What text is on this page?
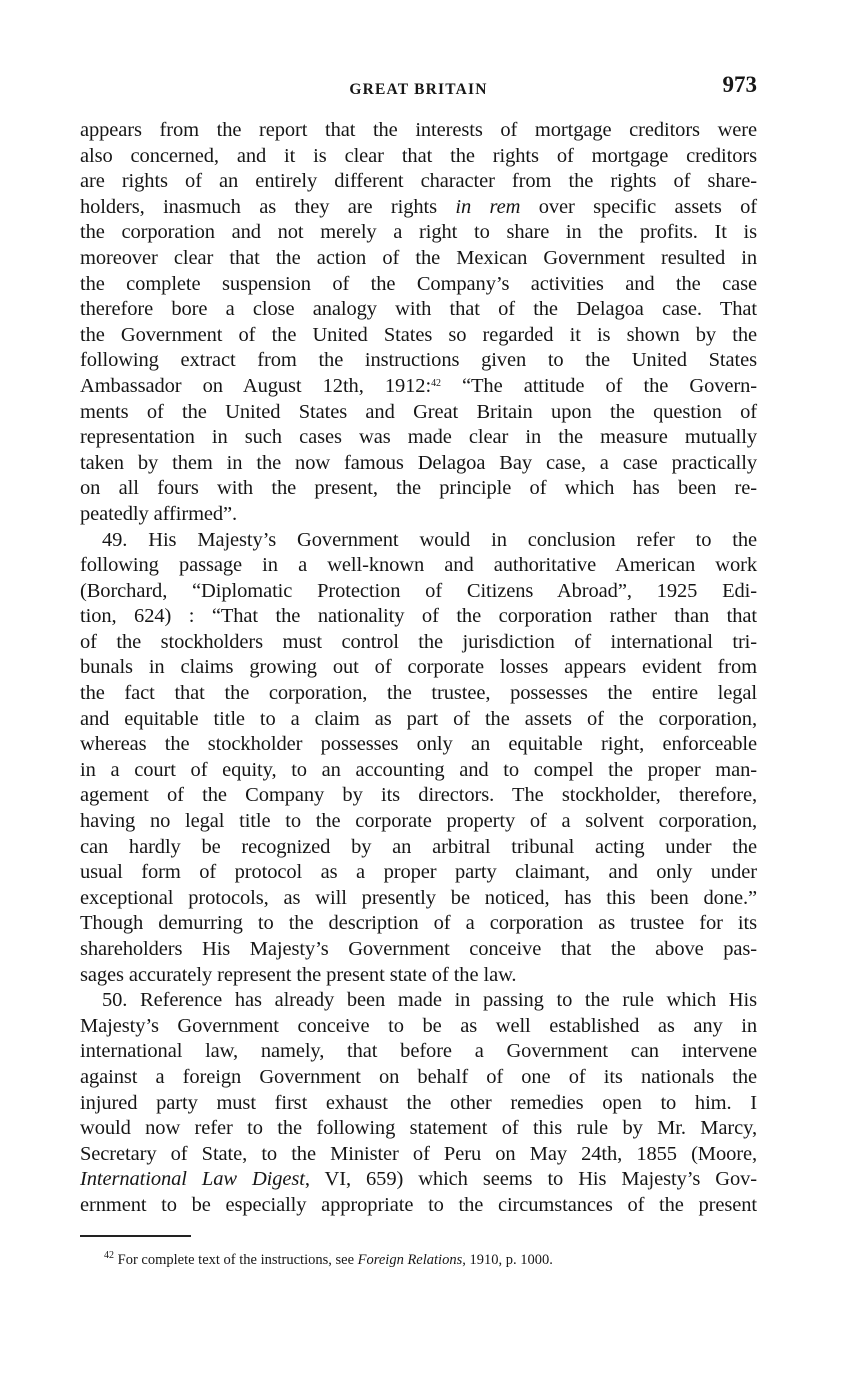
GREAT BRITAIN	973
appears from the report that the interests of mortgage creditors were
also concerned, and it is clear that the rights of mortgage creditors
are rights of an entirely different character from the rights of share-
holders, inasmuch as they are rights in rem over specific assets of
the corporation and not merely a right to share in the profits. It is
moreover clear that the action of the Mexican Government resulted in
the complete suspension of the Company’s activities and the case
therefore bore a close analogy with that of the Delagoa case. That
the Government of the United States so regarded it is shown by the
following extract from the instructions given to the United States
Ambassador on August 12th, 1912:$^{42}$ “The attitude of the Govern-
ments of the United States and Great Britain upon the question of
representation in such cases was made clear in the measure mutually
taken by them in the now famous Delagoa Bay case, a case practically
on all fours with the present, the principle of which has been re-
peatedly affirmed”.
49. His Majesty’s Government would in conclusion refer to the
following passage in a well-known and authoritative American work
(Borchard, “Diplomatic Protection of Citizens Abroad”, 1925 Edi-
tion, 624) : “That the nationality of the corporation rather than that
of the stockholders must control the jurisdiction of international tri-
bunals in claims growing out of corporate losses appears evident from
the fact that the corporation, the trustee, possesses the entire legal
and equitable title to a claim as part of the assets of the corporation,
whereas the stockholder possesses only an equitable right, enforceable
in a court of equity, to an accounting and to compel the proper man-
agement of the Company by its directors. The stockholder, therefore,
having no legal title to the corporate property of a solvent corporation,
can hardly be recognized by an arbitral tribunal acting under the
usual form of protocol as a proper party claimant, and only under
exceptional protocols, as will presently be noticed, has this been done.”
Though demurring to the description of a corporation as trustee for its
shareholders His Majesty’s Government conceive that the above pas-
sages accurately represent the present state of the law.
50. Reference has already been made in passing to the rule which His
Majesty’s Government conceive to be as well established as any in
international law, namely, that before a Government can intervene
against a foreign Government on behalf of one of its nationals the
injured party must first exhaust the other remedies open to him. I
would now refer to the following statement of this rule by Mr. Marcy,
Secretary of State, to the Minister of Peru on May 24th, 1855 (Moore,
International Law Digest, VI, 659) which seems to His Majesty’s Gov-
ernment to be especially appropriate to the circumstances of the present
$^{42}$ For complete text of the instructions, see Foreign Relations, 1910, p. 1000.
